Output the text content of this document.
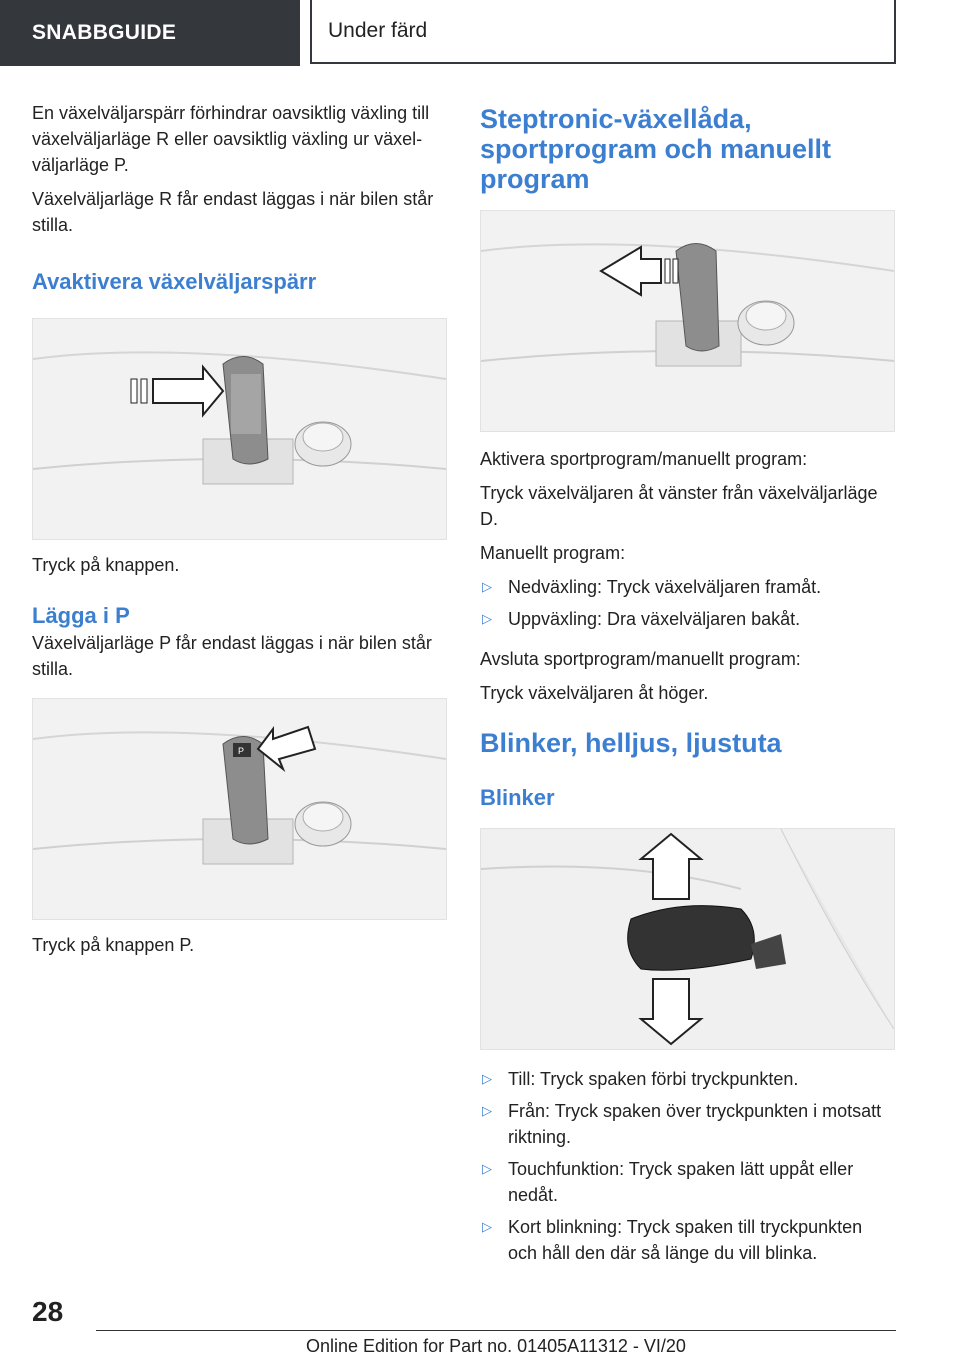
SNABBGUIDE	Under färd

En växelväljarspärr förhindrar oavsiktlig växling till växelväljarläge R eller oavsiktlig växling ur växelväljarläge P.

Växelväljarläge R får endast läggas i när bilen står stilla.

Avaktivera växelväljarspärr

Tryck på knappen.

Lägga i P

Växelväljarläge P får endast läggas i när bilen står stilla.

P

Tryck på knappen P.

Steptronic-växellåda, sportprogram och manuellt program

Aktivera sportprogram/manuellt program:

Tryck växelväljaren åt vänster från växelväljarläge D.

Manuellt program:

▷ Nedväxling: Tryck växelväljaren framåt.
▷ Uppväxling: Dra växelväljaren bakåt.

Avsluta sportprogram/manuellt program:

Tryck växelväljaren åt höger.

Blinker, helljus, ljustuta
Blinker
▷ Till: Tryck spaken förbi tryckpunkten.
▷ Från: Tryck spaken över tryckpunkten i motsatt riktning.
▷ Touchfunktion: Tryck spaken lätt uppåt eller nedåt.
▷ Kort blinkning: Tryck spaken till tryckpunkten och håll den där så länge du vill blinka.
28
Online Edition for Part no. 01405A11312 - VI/20
